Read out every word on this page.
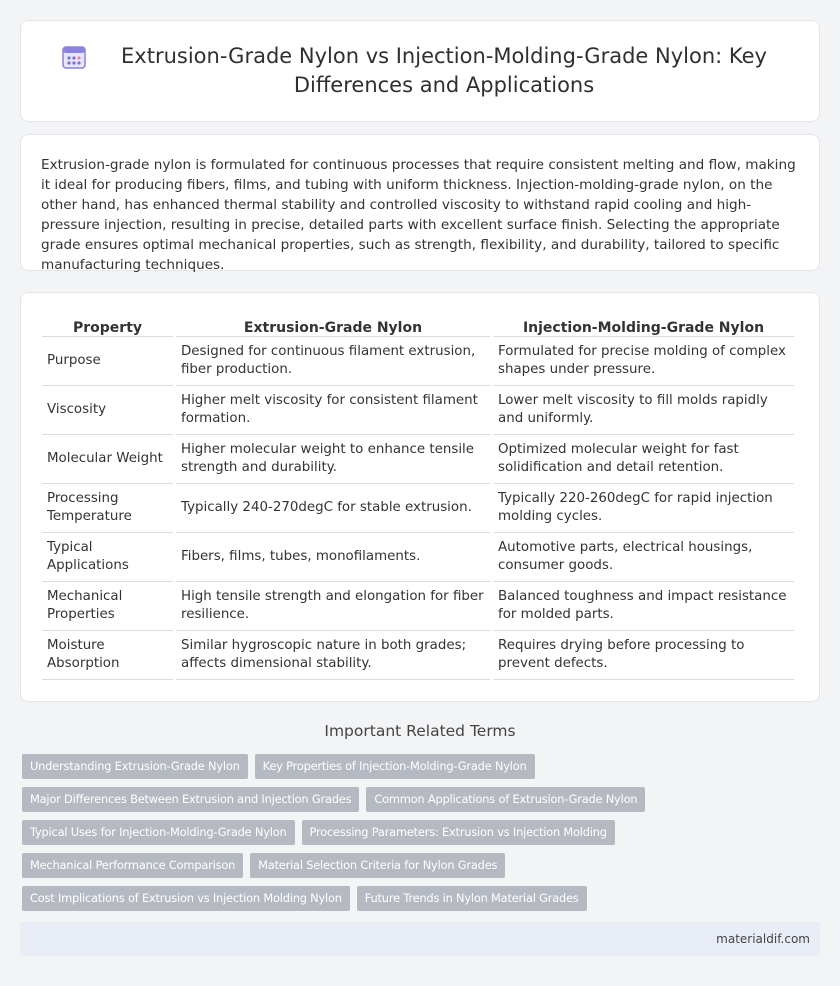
Extrusion-Grade Nylon vs Injection-Molding-Grade Nylon: Key Differences and Applications

Extrusion-grade nylon is formulated for continuous processes that require consistent melting and flow, making it ideal for producing fibers, films, and tubing with uniform thickness. Injection-molding-grade nylon, on the other hand, has enhanced thermal stability and controlled viscosity to withstand rapid cooling and high-pressure injection, resulting in precise, detailed parts with excellent surface finish. Selecting the appropriate grade ensures optimal mechanical properties, such as strength, flexibility, and durability, tailored to specific manufacturing techniques.

Property	Extrusion-Grade Nylon	Injection-Molding-Grade Nylon
Purpose	Designed for continuous filament extrusion, fiber production.	Formulated for precise molding of complex shapes under pressure.
Viscosity	Higher melt viscosity for consistent filament formation.	Lower melt viscosity to fill molds rapidly and uniformly.
Molecular Weight	Higher molecular weight to enhance tensile strength and durability.	Optimized molecular weight for fast solidification and detail retention.
Processing Temperature	Typically 240-270degC for stable extrusion.	Typically 220-260degC for rapid injection molding cycles.
Typical Applications	Fibers, films, tubes, monofilaments.	Automotive parts, electrical housings, consumer goods.
Mechanical Properties	High tensile strength and elongation for fiber resilience.	Balanced toughness and impact resistance for molded parts.
Moisture Absorption	Similar hygroscopic nature in both grades; affects dimensional stability.	Requires drying before processing to prevent defects.
Important Related Terms
Understanding Extrusion-Grade Nylon	Key Properties of Injection-Molding-Grade Nylon
Major Differences Between Extrusion and Injection Grades	Common Applications of Extrusion-Grade Nylon
Typical Uses for Injection-Molding-Grade Nylon	Processing Parameters: Extrusion vs Injection Molding
Mechanical Performance Comparison	Material Selection Criteria for Nylon Grades
Cost Implications of Extrusion vs Injection Molding Nylon	Future Trends in Nylon Material Grades
materialdif.com
